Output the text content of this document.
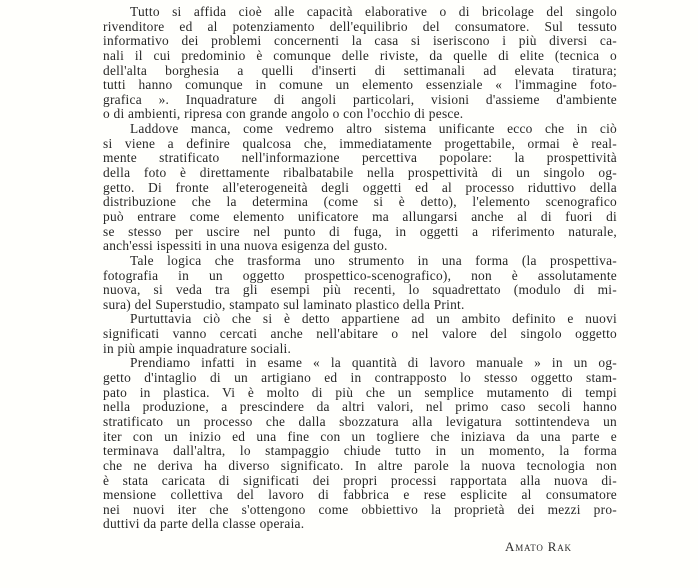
Tutto si affida cioè alle capacità elaborative o di bricolage del singolo
rivenditore ed al potenziamento dell'equilibrio del consumatore. Sul tessuto
informativo dei problemi concernenti la casa si iseriscono i più diversi ca-
nali il cui predominio è comunque delle riviste, da quelle di elite (tecnica o
dell'alta borghesia a quelli d'inserti di settimanali ad elevata tiratura;
tutti hanno comunque in comune un elemento essenziale « l'immagine foto-
grafica ». Inquadrature di angoli particolari, visioni d'assieme d'ambiente
o di ambienti, ripresa con grande angolo o con l'occhio di pesce.
Laddove manca, come vedremo altro sistema unificante ecco che in ciò
si viene a definire qualcosa che, immediatamente progettabile, ormai è real-
mente stratificato nell'informazione percettiva popolare: la prospettività
della foto è direttamente ribalbatabile nella prospettività di un singolo og-
getto. Di fronte all'eterogeneità degli oggetti ed al processo riduttivo della
distribuzione che la determina (come si è detto), l'elemento scenografico
può entrare come elemento unificatore ma allungarsi anche al di fuori di
se stesso per uscire nel punto di fuga, in oggetti a riferimento naturale,
anch'essi ispessiti in una nuova esigenza del gusto.
Tale logica che trasforma uno strumento in una forma (la prospettiva-
fotografia in un oggetto prospettico-scenografico), non è assolutamente
nuova, si veda tra gli esempi più recenti, lo squadrettato (modulo di mi-
sura) del Superstudio, stampato sul laminato plastico della Print.
Purtuttavia ciò che si è detto appartiene ad un ambito definito e nuovi
significati vanno cercati anche nell'abitare o nel valore del singolo oggetto
in più ampie inquadrature sociali.
Prendiamo infatti in esame « la quantità di lavoro manuale » in un og-
getto d'intaglio di un artigiano ed in contrapposto lo stesso oggetto stam-
pato in plastica. Vi è molto di più che un semplice mutamento di tempi
nella produzione, a prescindere da altri valori, nel primo caso secoli hanno
stratificato un processo che dalla sbozzatura alla levigatura sottintendeva un
iter con un inizio ed una fine con un togliere che iniziava da una parte e
terminava dall'altra, lo stampaggio chiude tutto in un momento, la forma
che ne deriva ha diverso significato. In altre parole la nuova tecnologia non
è stata caricata di significati dei propri processi rapportata alla nuova di-
mensione collettiva del lavoro di fabbrica e rese esplicite al consumatore
nei nuovi iter che s'ottengono come obbiettivo la proprietà dei mezzi pro-
duttivi da parte della classe operaia.
Amato Rak
